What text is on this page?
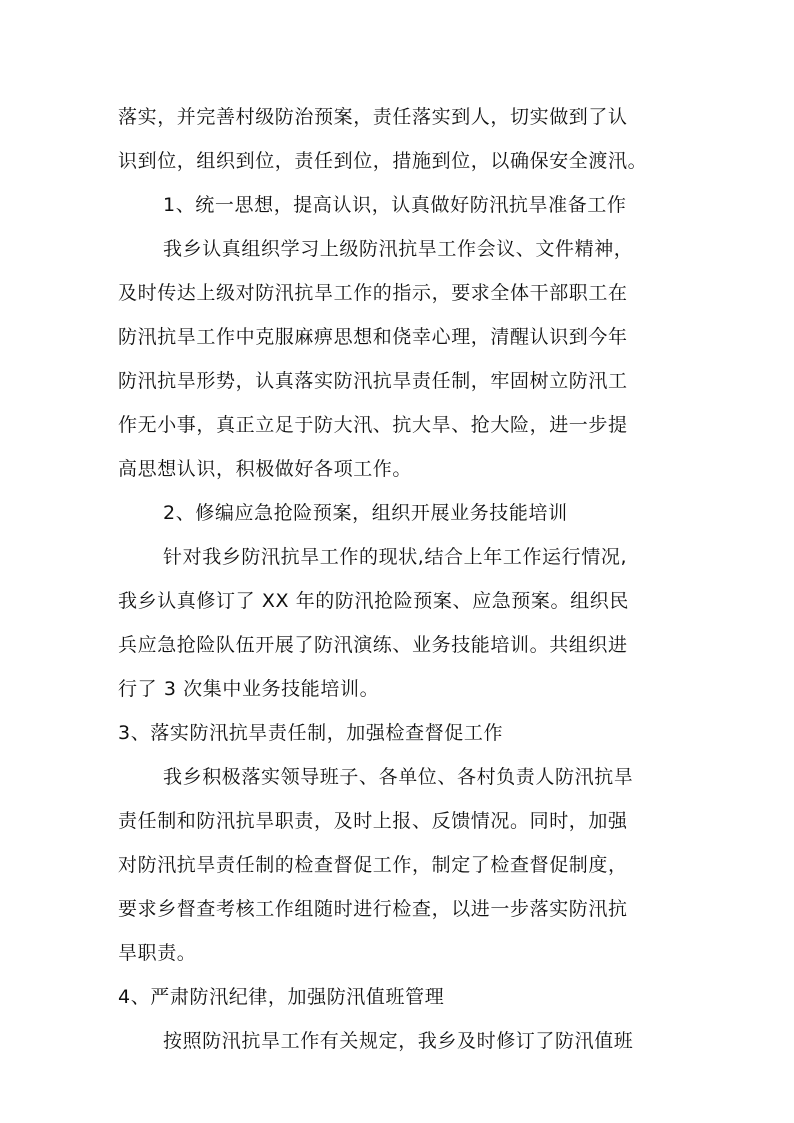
落实，并完善村级防治预案，责任落实到人，切实做到了认
识到位，组织到位，责任到位，措施到位，以确保安全渡汛。
1、统一思想，提高认识，认真做好防汛抗旱准备工作
我乡认真组织学习上级防汛抗旱工作会议、文件精神，
及时传达上级对防汛抗旱工作的指示，要求全体干部职工在
防汛抗旱工作中克服麻痹思想和侥幸心理，清醒认识到今年
防汛抗旱形势，认真落实防汛抗旱责任制，牢固树立防汛工
作无小事，真正立足于防大汛、抗大旱、抢大险，进一步提
高思想认识，积极做好各项工作。
2、修编应急抢险预案，组织开展业务技能培训
针对我乡防汛抗旱工作的现状,结合上年工作运行情况,
我乡认真修订了 XX 年的防汛抢险预案、应急预案。组织民
兵应急抢险队伍开展了防汛演练、业务技能培训。共组织进
行了 3 次集中业务技能培训。
3、落实防汛抗旱责任制，加强检查督促工作
我乡积极落实领导班子、各单位、各村负责人防汛抗旱
责任制和防汛抗旱职责，及时上报、反馈情况。同时，加强
对防汛抗旱责任制的检查督促工作，制定了检查督促制度，
要求乡督查考核工作组随时进行检查，以进一步落实防汛抗
旱职责。
4、严肃防汛纪律，加强防汛值班管理
按照防汛抗旱工作有关规定，我乡及时修订了防汛值班
